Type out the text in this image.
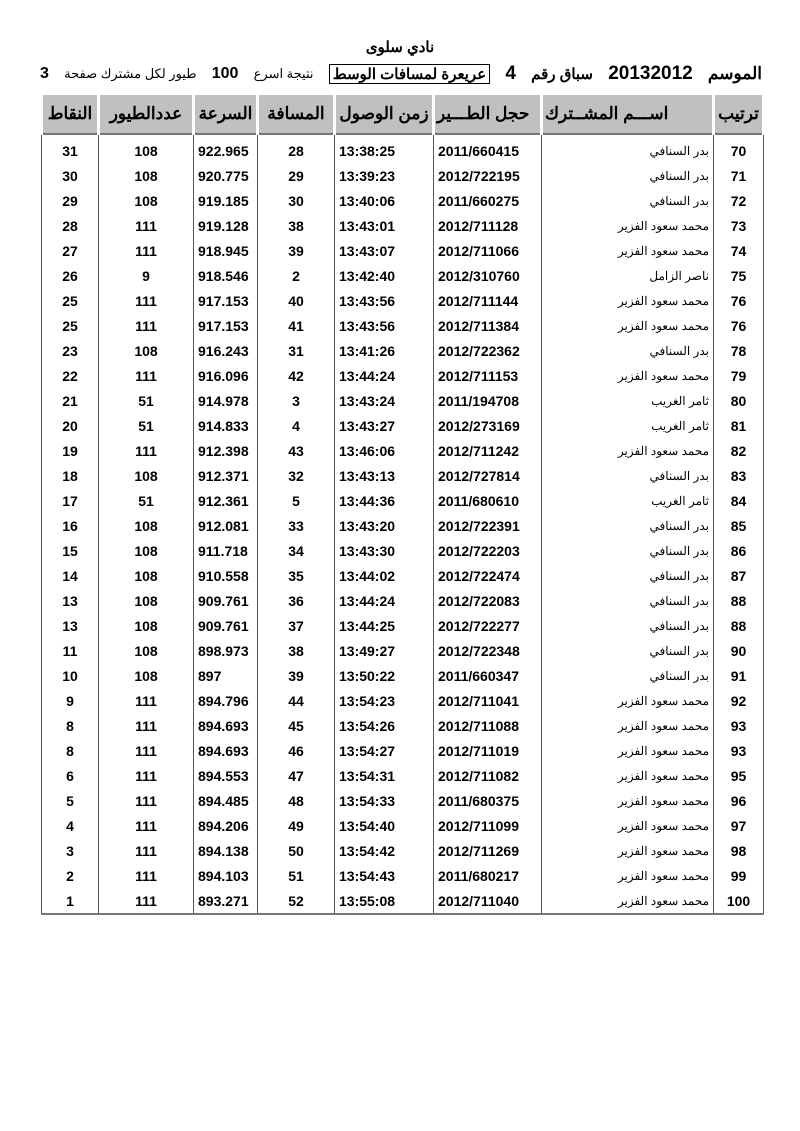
نادي سلوى
الموسم
20132012
سباق رقم
4
عريعرة لمسافات الوسط
نتيجة اسرع
100
طيور لكل مشترك صفحة
3
ترتيب	اســـم المشــترك	حجل الطـــير	زمن الوصول	المسافة	السرعة	عددالطيور	النقاط
70	بدر السنافي	2011/660415	13:38:25	28	922.965	108	31
71	بدر السنافي	2012/722195	13:39:23	29	920.775	108	30
72	بدر السنافي	2011/660275	13:40:06	30	919.185	108	29
73	محمد سعود الفزير	2012/711128	13:43:01	38	919.128	111	28
74	محمد سعود الفزير	2012/711066	13:43:07	39	918.945	111	27
75	ناصر الزامل	2012/310760	13:42:40	2	918.546	9	26
76	محمد سعود الفزير	2012/711144	13:43:56	40	917.153	111	25
76	محمد سعود الفزير	2012/711384	13:43:56	41	917.153	111	25
78	بدر السنافي	2012/722362	13:41:26	31	916.243	108	23
79	محمد سعود الفزير	2012/711153	13:44:24	42	916.096	111	22
80	ثامر الغريب	2011/194708	13:43:24	3	914.978	51	21
81	ثامر الغريب	2012/273169	13:43:27	4	914.833	51	20
82	محمد سعود الفزير	2012/711242	13:46:06	43	912.398	111	19
83	بدر السنافي	2012/727814	13:43:13	32	912.371	108	18
84	ثامر الغريب	2011/680610	13:44:36	5	912.361	51	17
85	بدر السنافي	2012/722391	13:43:20	33	912.081	108	16
86	بدر السنافي	2012/722203	13:43:30	34	911.718	108	15
87	بدر السنافي	2012/722474	13:44:02	35	910.558	108	14
88	بدر السنافي	2012/722083	13:44:24	36	909.761	108	13
88	بدر السنافي	2012/722277	13:44:25	37	909.761	108	13
90	بدر السنافي	2012/722348	13:49:27	38	898.973	108	11
91	بدر السنافي	2011/660347	13:50:22	39	897	108	10
92	محمد سعود الفزير	2012/711041	13:54:23	44	894.796	111	9
93	محمد سعود الفزير	2012/711088	13:54:26	45	894.693	111	8
93	محمد سعود الفزير	2012/711019	13:54:27	46	894.693	111	8
95	محمد سعود الفزير	2012/711082	13:54:31	47	894.553	111	6
96	محمد سعود الفزير	2011/680375	13:54:33	48	894.485	111	5
97	محمد سعود الفزير	2012/711099	13:54:40	49	894.206	111	4
98	محمد سعود الفزير	2012/711269	13:54:42	50	894.138	111	3
99	محمد سعود الفزير	2011/680217	13:54:43	51	894.103	111	2
100	محمد سعود الفزير	2012/711040	13:55:08	52	893.271	111	1
